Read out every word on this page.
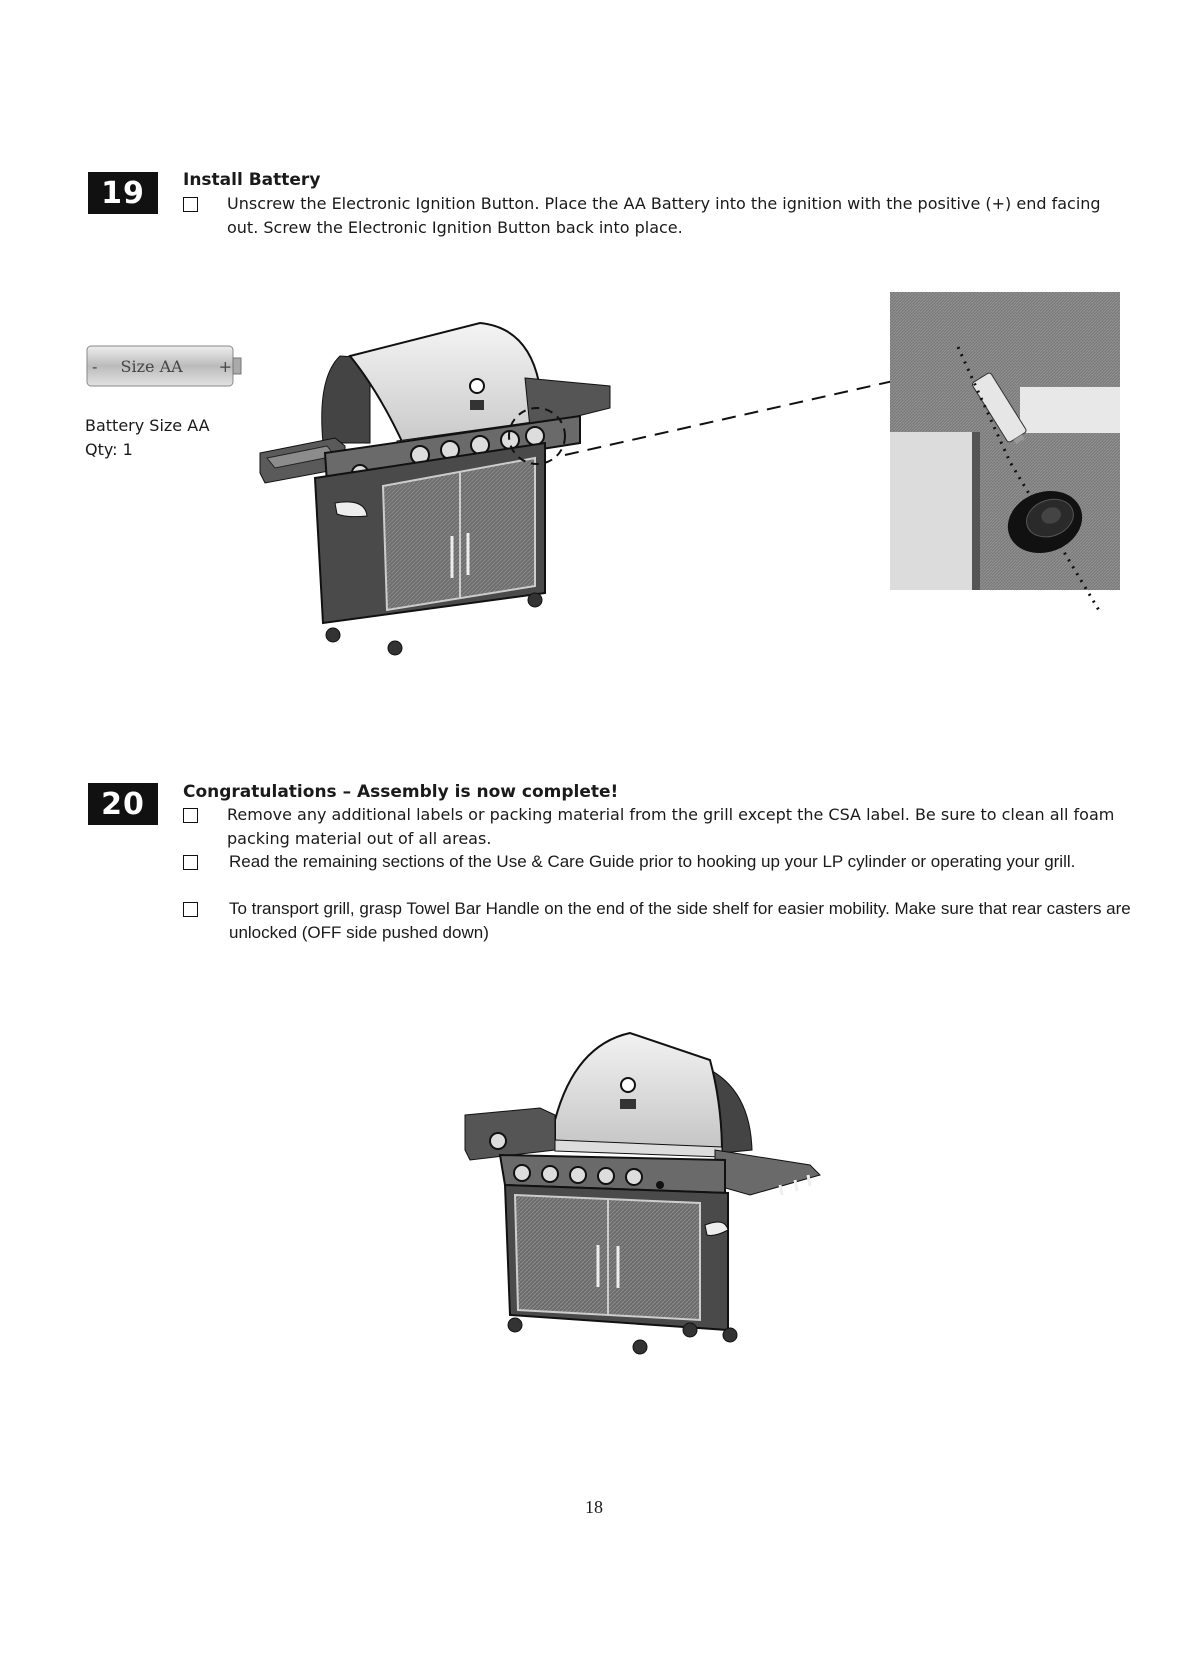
19 Install Battery
Unscrew the Electronic Ignition Button. Place the AA Battery into the ignition with the positive (+) end facing out. Screw the Electronic Ignition Button back into place.
- Size AA +
Battery Size AA
Qty: 1
20 Congratulations – Assembly is now complete!
Remove any additional labels or packing material from the grill except the CSA label. Be sure to clean all foam packing material out of all areas.
Read the remaining sections of the Use & Care Guide prior to hooking up your LP cylinder or operating your grill.
To transport grill, grasp Towel Bar Handle on the end of the side shelf for easier mobility. Make sure that rear casters are unlocked (OFF side pushed down)
18
